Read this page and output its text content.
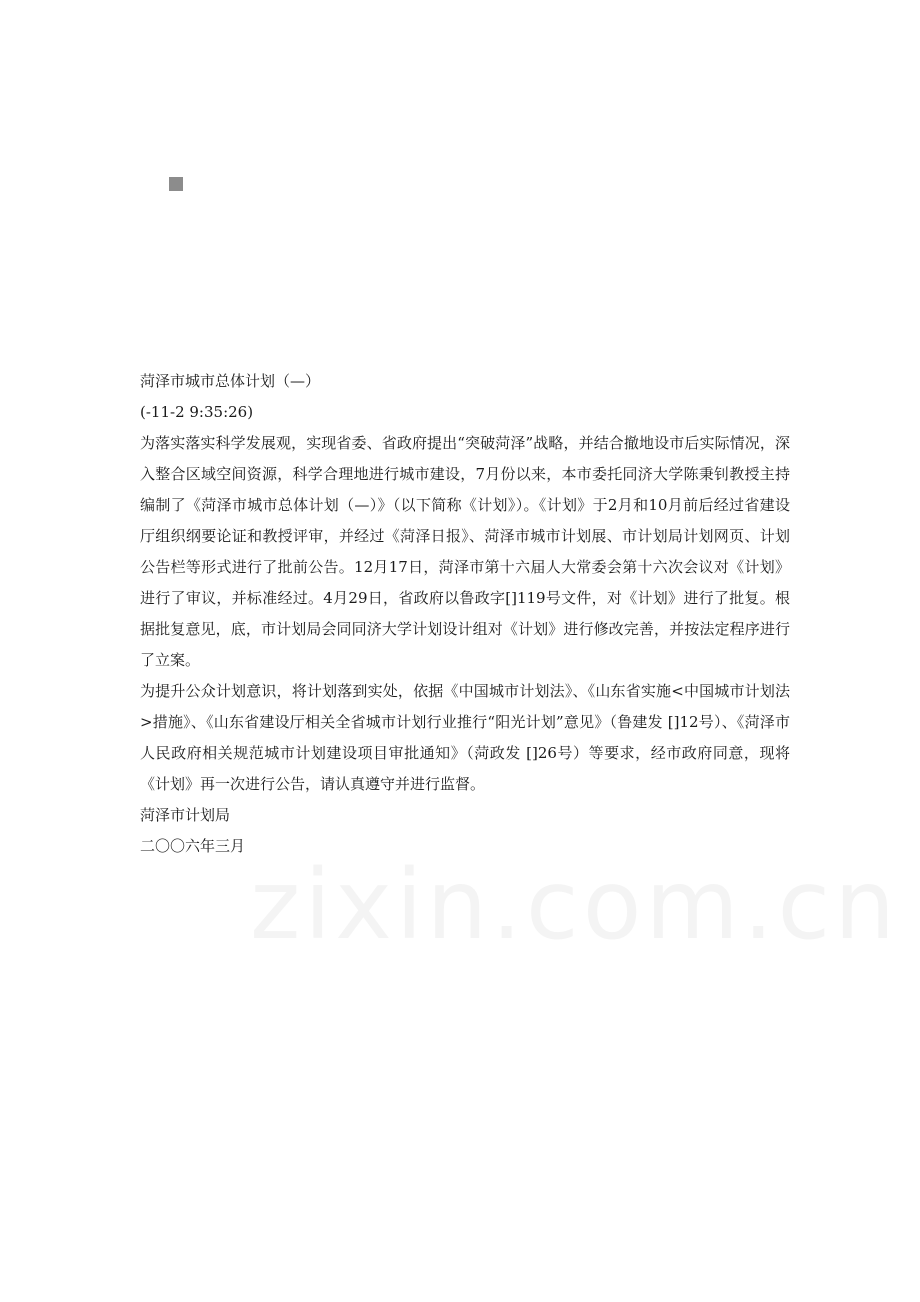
菏泽市城市总体计划（—）

(-11-2 9:35:26)

为落实落实科学发展观，实现省委、省政府提出“突破菏泽”战略，并结合撤地设市后实际情况，深入整合区域空间资源，科学合理地进行城市建设，7月份以来，本市委托同济大学陈秉钊教授主持编制了《菏泽市城市总体计划（—）》（以下简称《计划》）。《计划》于2月和10月前后经过省建设厅组织纲要论证和教授评审，并经过《菏泽日报》、菏泽市城市计划展、市计划局计划网页、计划公告栏等形式进行了批前公告。12月17日，菏泽市第十六届人大常委会第十六次会议对《计划》进行了审议，并标准经过。4月29日，省政府以鲁政字[]119号文件，对《计划》进行了批复。根据批复意见，底，市计划局会同同济大学计划设计组对《计划》进行修改完善，并按法定程序进行了立案。

为提升公众计划意识，将计划落到实处，依据《中国城市计划法》、《山东省实施<中国城市计划法>措施》、《山东省建设厅相关全省城市计划行业推行“阳光计划”意见》（鲁建发 []12号）、《菏泽市人民政府相关规范城市计划建设项目审批通知》（菏政发 []26号）等要求，经市政府同意，现将《计划》再一次进行公告，请认真遵守并进行监督。

菏泽市计划局

二〇〇六年三月

zixin.com.cn
